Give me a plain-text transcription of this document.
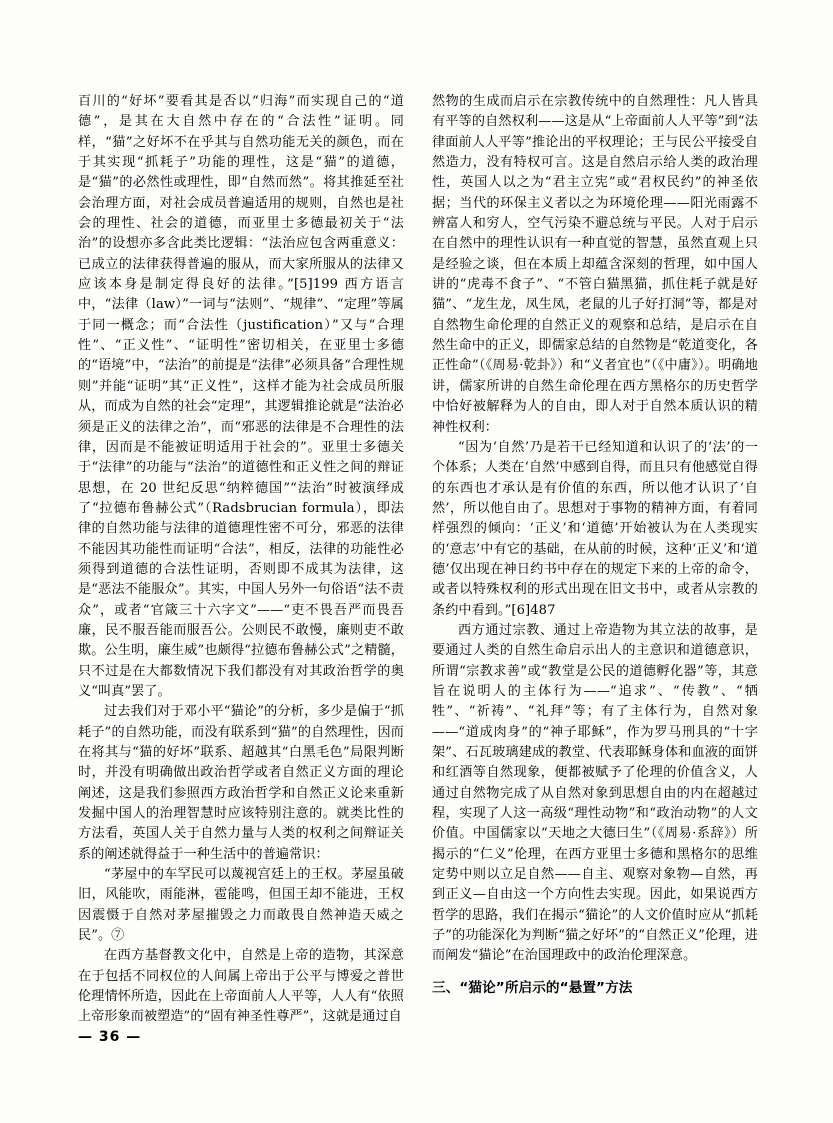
百川的“好坏”要看其是否以“归海”而实现自己的“道德”，是其在大自然中存在的“合法性”证明。同样，“猫”之好坏不在乎其与自然功能无关的颜色，而在于其实现“抓耗子”功能的理性，这是“猫”的道德，是“猫”的必然性或理性，即“自然而然”。将其推延至社会治理方面，对社会成员普遍适用的规则，自然也是社会的理性、社会的道德，而亚里士多德最初关于“法治”的设想亦多含此类比逻辑：“法治应包含两重意义：已成立的法律获得普遍的服从，而大家所服从的法律又应该本身是制定得良好的法律。”[5]199 西方语言中，“法律（law）”一词与“法则”、“规律”、“定理”等属于同一概念；而“合法性（justification）”又与“合理性”、“正义性”、“证明性”密切相关，在亚里士多德的“语境”中，“法治”的前提是“法律”必须具备“合理性规则”并能“证明”其“正义性”，这样才能为社会成员所服从，而成为自然的社会“定理”，其逻辑推论就是“法治必须是正义的法律之治”，而“邪恶的法律是不合理性的法律，因而是不能被证明适用于社会的”。亚里士多德关于“法律”的功能与“法治”的道德性和正义性之间的辩证思想，在 20 世纪反思“纳粹德国”“法治”时被演绎成了“拉德布鲁赫公式”（Radsbrucian formula），即法律的自然功能与法律的道德理性密不可分，邪恶的法律不能因其功能性而证明“合法”，相反，法律的功能性必须得到道德的合法性证明，否则即不成其为法律，这是“恶法不能服众”。其实，中国人另外一句俗语“法不责众”，或者“官箴三十六字文”——“吏不畏吾严而畏吾廉，民不服吾能而服吾公。公则民不敢慢，廉则吏不敢欺。公生明，廉生威”也颇得“拉德布鲁赫公式”之精髓，只不过是在大都数情况下我们都没有对其政治哲学的奥义“叫真”罢了。

过去我们对于邓小平“猫论”的分析，多少是偏于“抓耗子”的自然功能，而没有联系到“猫”的自然理性，因而在将其与“猫的好坏”联系、超越其“白黑毛色”局限判断时，并没有明确做出政治哲学或者自然正义方面的理论阐述，这是我们参照西方政治哲学和自然正义论来重新发掘中国人的治理智慧时应该特别注意的。就类比性的方法看，英国人关于自然力量与人类的权利之间辩证关系的阐述就得益于一种生活中的普遍常识：

“茅屋中的车罕民可以蔑视宫廷上的王权。茅屋虽破旧，风能吹，雨能淋，雹能鸣，但国王却不能进，王权因震慑于自然对茅屋摧毁之力而敢畏自然神造天威之民”。⑦

在西方基督教文化中，自然是上帝的造物，其深意在于包括不同权位的人间属上帝出于公平与博爱之普世伦理情怀所造，因此在上帝面前人人平等，人人有“依照上帝形象而被塑造”的“固有神圣性尊严”，这就是通过自

然物的生成而启示在宗教传统中的自然理性：凡人皆具有平等的自然权利——这是从“上帝面前人人平等”到“法律面前人人平等”推论出的平权理论；王与民公平接受自然造力，没有特权可言。这是自然启示给人类的政治理性，英国人以之为“君主立宪”或“君权民约”的神圣依据；当代的环保主义者以之为环境伦理——阳光雨露不辨富人和穷人，空气污染不避总统与平民。人对于启示在自然中的理性认识有一种直觉的智慧，虽然直观上只是经验之谈，但在本质上却蕴含深刻的哲理，如中国人讲的“虎毒不食子”、“不管白猫黑猫，抓住耗子就是好猫”、“龙生龙，凤生凤，老鼠的儿子好打洞”等，都是对自然物生命伦理的自然正义的观察和总结，是启示在自然生命中的正义，即儒家总结的自然物是“乾道变化，各正性命”（《周易·乾卦》）和“义者宜也”（《中庸》）。明确地讲，儒家所讲的自然生命伦理在西方黑格尔的历史哲学中恰好被解释为人的自由，即人对于自然本质认识的精神性权利：

“因为‘自然’乃是若干已经知道和认识了的‘法’的一个体系；人类在‘自然’中感到自得，而且只有他感觉自得的东西也才承认是有价值的东西，所以他才认识了‘自然’，所以他自由了。思想对于事物的精神方面，有着同样强烈的倾向：‘正义’和‘道德’开始被认为在人类现实的‘意志’中有它的基础，在从前的时候，这种‘正义’和‘道德’仅出现在神日约书中存在的规定下来的上帝的命令，或者以特殊权利的形式出现在旧文书中，或者从宗教的条约中看到。”[6]487

西方通过宗教、通过上帝造物为其立法的故事，是要通过人类的自然生命启示出人的主意识和道德意识，所谓“宗教求善”或“教堂是公民的道德孵化器”等，其意旨在说明人的主体行为——“追求”、“传教”、“牺牲”、“祈祷”、“礼拜”等；有了主体行为，自然对象——“道成肉身”的“神子耶稣”，作为罗马刑具的“十字架”、石瓦玻璃建成的教堂、代表耶稣身体和血液的面饼和红酒等自然现象，便都被赋予了伦理的价值含义，人通过自然物完成了从自然对象到思想自由的内在超越过程，实现了人这一高级“理性动物”和“政治动物”的人文价值。中国儒家以“天地之大德曰生”（《周易·系辞》）所揭示的“仁义”伦理，在西方亚里士多德和黑格尔的思维定势中则以立足自然——自主、观察对象物—自然，再到正义—自由这一个方向性去实现。因此，如果说西方哲学的思路，我们在揭示“猫论”的人文价值时应从“抓耗子”的功能深化为判断“猫之好坏”的“自然正义”伦理，进而阐发“猫论”在治国理政中的政治伦理深意。

三、“猫论”所启示的“悬置”方法

— 36 —
